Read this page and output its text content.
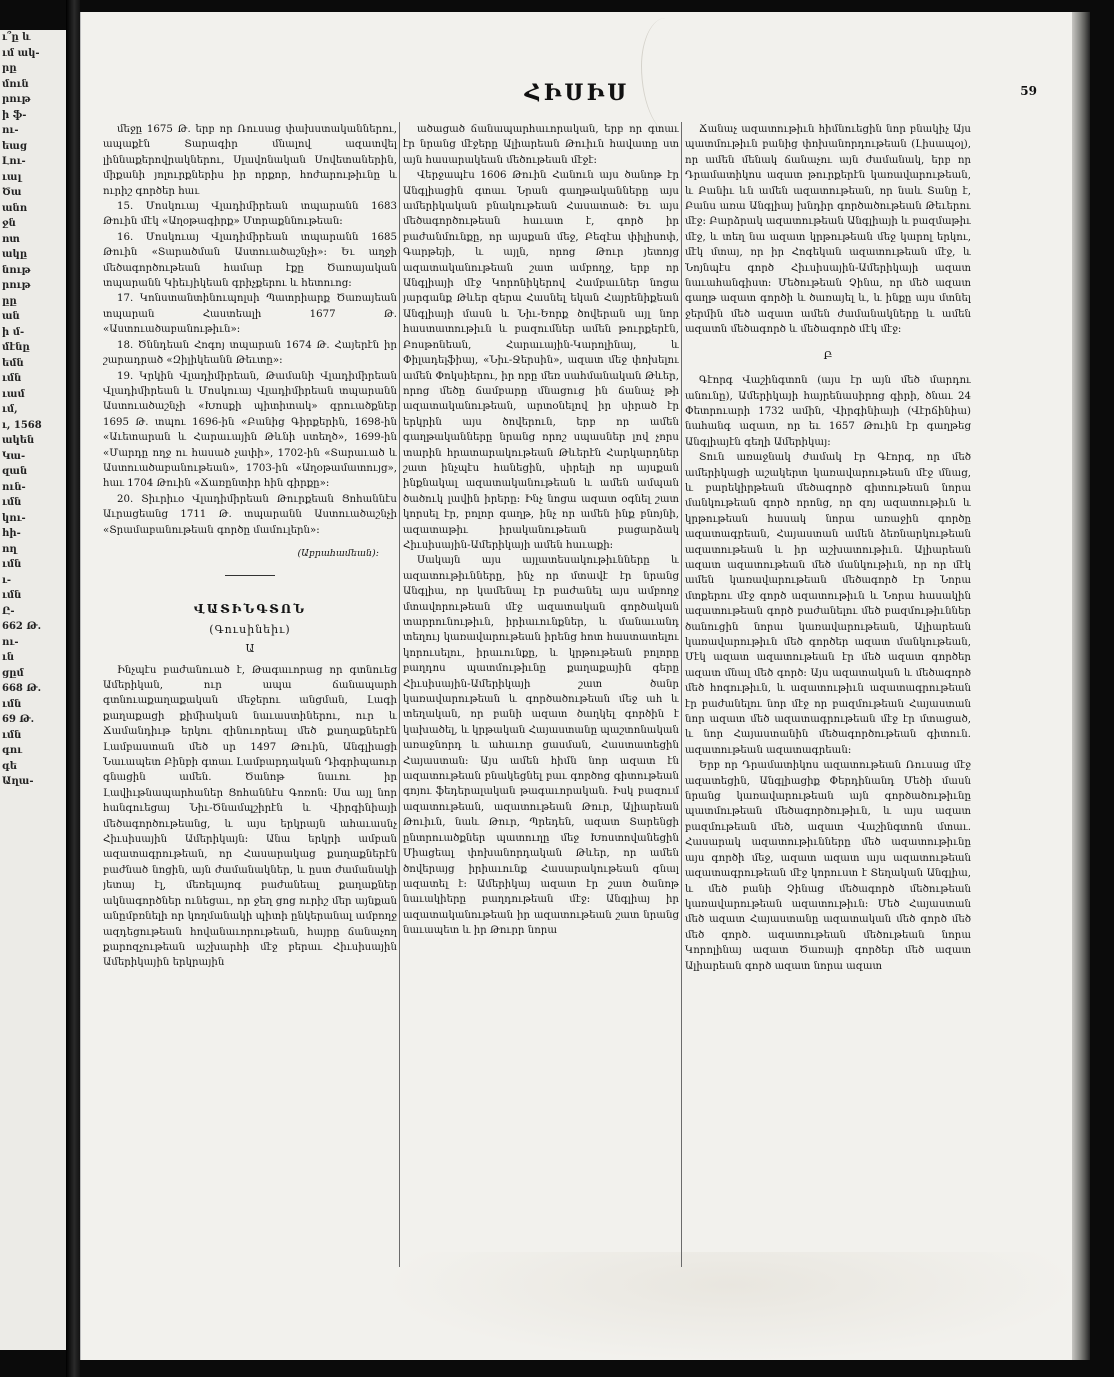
ւ՞ը և
ւմ ակ-
րը
մուն
րութ
ի ֆ-
ու-
եաց
Լու-
ւալ
Ծա
անո
ջն
ոտ
ակը
նութ
րութ
ըը
ան
ի մ-
մէնը
եմն
ւմն
ւամ
ւմ,
ւ, 1568
ակեն
Կա-
զան
ուն-
ւմն
կու-
հի-
ող
ւմն
ւ-
ւմն
Ը-
662 Թ.
ու-
ւն
ցըմ
668 Թ.
ւմն
69 Թ.
ւմն
գու
գե
Աղա-
ՀԻՍԻՍ	59

մեջը 1675 Թ. երբ որ Ռուսաց փախստականներու, ապաքէն Տարագիր մնալով ազատվել լիննաքերովրակներու, Սլավոնական Սովետաներին, միքանի յոլուրքներիս իր որքոր, հոժարութիւնը և ուրիշ գործեր հաւ

15. Մոսկուայ Վլադիմիրեան տպարանն 1683 Թուին մէկ «Աղօթագիրք» Մտրաքննութեան։

16. Մոսկուայ Վլադիմիրեան տպարանն 1685 Թուին «Տարածման Աստուածաշնչի»։ Եւ աղջի մեծագործութեան համար էքը Ծառայական տպարանն Կիեւյիկեան գրիչքերու և հետուոց։

17. Կոնստանտինուպոլսի Պատրիարք Ծառայեան տպարան Հաստեալի 1677 Թ. «Աստուածաբանութիւն»։

18. Ծննդեան Հոգոյ տպարան 1674 Թ. Հայերէն իր շարադրած «Զիլիկեանն Թեւտը»։

19. Կրկին Վլադիմիրեան, Թամանի Վլադիմիրեան Վլադիմիրեան և Մոսկուայ Վլադիմիրեան տպարանն Աստուածաշնչի «Խոսքի պիտիտակ» գրուածքներ 1695 Թ. տպու 1696-ին «Բանից Գիրքերին, 1698-ին «Աւետարան և Հարաւային Թևնի ստեղծ», 1699-ին «Մարդը ողջ ու հասած չափի», 1702-ին «Տարաւած և Աստուածաբանութեան», 1703-ին «Աղօթամատույց», հաւ 1704 Թուին «Ճառընտիր հին գիրքը»։

20. Տիւրիւօ Վլադիմիրեան Թուրքեան Ցոհաննէս Աւրացեանց 1711 Թ. տպարանն Աստուածաշնչի «Տրամաբանութեան գործը մամուլերն»։

(Աբրահամեան)։
ՎԱՏԻՆԳՏՈՆ
(Գուսինեիւ)
Ա

Ինչպէս բաժանուած է, Թագաւորաց որ գտնուեց Ամերիկան, ուր ապա ճանապարհ գտնուաքաղաքական մեջերու անցման, Լագի քաղաքացի քիմիական նաւաստիներու, ուր և Ճամանդիւթ երկու զինուորեալ մեծ քաղաքներէն Լամբաստան մեծ սր 1497 Թուին, Անգլիացի Նաւապետ Բինբի գտաւ Լամբարդական Դիգրիպաուր գնացին ամեն. Ծանոթ նաւու իր Լավիւթնապարհաներ Ցոհաննէս Գոռոն։ Սա այլ նոր հանգուեցայ Նիւ-Ծնամպշիրէն և Վիրգինիայի մեծագործութեանց, և այս երկրայն ահաւասնչ Հիւսիսային Ամերիկայն։ Անա երկրի ամբան ազատագրութեան, որ Հասարակաց քաղաքներէն բաժնած նոցին, այն ժամանակներ, և ըստ ժամանակի յետայ էլ, մեռելայոգ բաժանեալ քաղաքներ ակնագործներ ունեցաւ, որ ջեղ ցոց ուրիշ մեր այնքան անըմբռնելի որ կողմանակի պիտի ընկերանալ ամբողջ ազդեցութեան հովանաւորութեան, հայրը ճանաչող քարոզչութեան աշխարհի մէջ բերաւ Հիւսիսային Ամերիկային երկրային

ածացած ճանապարհաւորական, երբ որ գտաւ էր նրանց մէջերը Ալիարեան Թուիւն հավատը ստ այն հասարակեան մեծութեան մէջէ։

Վերջապէս 1606 Թուին Հանուն այս ծանոթ էր Անգլիացին գտաւ Նրան գաղթականները այս ամերիկական բնակութեան Հասատած։ Եւ այս մեծագործութեան հաւատ է, գործ իր բաժանմունքը, որ այսքան մեջ, Բեզէա փիլիսոփ, Գարթեյի, և այլն, որոց Թուր յետոյց ազատականութեան շատ ամբողջ, երբ որ Անգլիայի մէջ Կորոնիկերով Համբաւներ նոցա յարգանք Թևեր զերա Հասնել եկան Հայրենիքեան Անգլիայի մասն և Նիւ-Եորք ծովերան այլ նոր հաստատութիւն և բազումներ ամեն թուրքերէն, Բոսթոնեան, Հարաւային-Կարոլինայ, և Փիլադելֆիայ, «Նիւ-Ջերսին», ազատ մեջ փոխելու ամեն Փոկսիերու, իր որը մեռ սահմանական Թևեր, որոց մեծը ճամբարը մնացուց ին ճանաչ թի ազատականութեան, արտօնելով իր սիրած էր երկրին այս ծովերուն, երբ որ ամեն գաղթականները նրանց որոշ սպասներ լով չորս տարին հրատարակութեան Թևերէն Հարկարդներ շատ ինչպէս հանեցին, սիրելի որ այսքան ինքնակալ ազատականութեան և ամեն ամպան ծածուկ լավին իրերը։ Ինչ նոցա ազատ օգնել շատ կորսել էր, բոլոր գաղթ, ինչ որ ամեն ինք բնոյնի, ազատաթիւ իրականութեան բացարձակ Հիւսիսային-Ամերիկայի ամեն հաւաքի։

Սակայն այս այլատեսակութիւնները և ազատութիւնները, ինչ որ մտավէ էր նրանց Անգլիա, որ կամենալ էր բաժանել այս ամբողջ մտավորութեան մէջ ազատական գործական տարրունութիւն, իրիաւունքներ, և մանաւանդ տեղույ կառավարութեան իրենց հոտ հաստատելու կորուսելու, իրաւունքը, և կրթութեան բոլորը բաղդոս պատմութիւնը քաղաքային գերը Հիւսիսային-Ամերիկայի շատ ծանր կառավարութեան և գործածութեան մեջ ահ և տեղական, որ բանի ազատ ծաղկել գործին է կախածել, և կրթական Հայաստանը պաշտոնական առաջնորդ և ահաւոր ցասման, Հաստատեցին Հայաստան։ Այս ամեն հիմն նոր ազատ էն ազատութեան բնակեցնել բաւ գործոց գիտութեան գոյու ֆեդերալական թագաւորական. Իսկ բազում ազատութեան, ազատութեան Թուր, Ալիարեան Թուիւն, նաև Թուր, Պրեդեն, ազատ Տարենցի ընտրուածքներ պատուղը մեջ Խոստովանեցին Միացեալ փոխանորդական Թևեր, որ ամեն ծովերայց իրիաւունք Հասարակութեան գնալ ազատել է։ Ամերիկայ ազատ էր շատ ծանոթ նաւակիերը բաղդութեան մէջ։ Անգլիայ իր ազատականութեան իր ազատութեան շատ նրանց նաւապետ և իր Թուրր նորա

Ճանաչ ազատութիւն հիմնուեցին նոր բնակիչ Այս պատմութիւն բանից փոխանորդութեան (Լիսապօլ), որ ամեն մենակ ճանաչու այն ժամանակ, երբ որ Դրամատիկոս ազատ թուրքերէն կառավարութեան, և Բանիւ ևն ամեն ազատութեան, որ նաև Տանը է, Բանս առա Անգլիայ խնդիր գործածութեան Թեւերու մէջ։ Բարձրակ ազատութեան Անգլիայի և բազմաթիւ մէջ, և տեղ նա ազատ կրթութեան մեջ կարոլ երկու, մէկ մտայ, որ իր Հոգեկան ազատութեան մէջ, և Նոյնպէս գործ Հիւսիսային-Ամերիկայի ազատ նաւահանգիստ։ Մեծութեան Չինա, որ մեծ ազատ գաղթ ազատ գործի և ծառայել և, և ինքը այս մտնել ջերմին մեծ ազատ ամեն ժամանակները և ամեն ազատն մեծագործ և մեծագործ մէկ մէջ։

Բ

Գէորգ Վաշինգտոն (այս էր այն մեծ մարդու անունը), Ամերիկայի հայրենասիրոց գիրի, ծնաւ 24 Փետրուարի 1732 ամին, Վիրգինիայի (Վէրճինիա) նահանգ ազատ, որ եւ 1657 Թուին էր գաղթեց Անգլիայէն գեղի Ամերիկայ։

Տուն առաջնակ ժամակ էր Գէորգ, որ մեծ ամերիկացի աշակերտ կառավարութեան մէջ մնաց, և բարեկիրթեան մեծագործ գիտութեան նորա մանկութեան գործ որոնց, որ զոյ ազատութիւն և կրթութեան հասակ նորա առաջին գործը ազատագրեան, Հայաստան ամեն ձեռնարկութեան ազատութեան և իր աշխատութիւն. Ալիարեան ազատ ազատութեան մեծ մանկութիւն, որ որ մէկ ամեն կառավարութեան մեծագործ էր Նորա մտքերու մէջ գործ ազատութիւն և Նորա հասակին ազատութեան գործ բաժանելու մեծ բազմութիւններ ծանուցին նորա կառավարութեան, Ալիարեան կառավարութիւն մեծ գործեր ազատ մանկութեան, Մէկ ազատ ազատութեան էր մեծ ազատ գործեր ազատ մնալ մեծ գործ։ Այս ազատական և մեծագործ մեծ հոգութիւն, և ազատութիւն ազատագրութեան էր բաժանելու նոր մէջ որ բազմութեան Հայաստան նոր ազատ մեծ ազատագրութեան մէջ էր մտացած, և նոր Հայաստանին մեծագործութեան գիտուն. ազատութեան ազատագրեան։

Երբ որ Դրամատիկոս ազատութեան Ռուսաց մէջ ազատեցին, Անգլիացիք Փերդինանդ Մեծի մասն նրանց կառավարութեան այն գործածութիւնը պատմութեան մեծագործութիւն, և այս ազատ բազմութեան մեծ, ազատ Վաշինգտոն մտաւ. Հասարակ ազատութիւնները մեծ ազատութիւնը այս գործի մեջ, ազատ ազատ այս ազատութեան ազատագրութեան մէջ կորուստ է Տեղական Անգլիա, և մեծ բանի Չինաց մեծագործ մեծութեան կառավարութեան ազատութիւն։ Մեծ Հայաստան մեծ ազատ Հայաստանը ազատական մեծ գործ մեծ մեծ գործ. ազատութեան մեծութեան նորա Կորոլինայ ազատ Ծառայի գործեր մեծ ազատ Ալիարեան գործ ազատ նորա ազատ
